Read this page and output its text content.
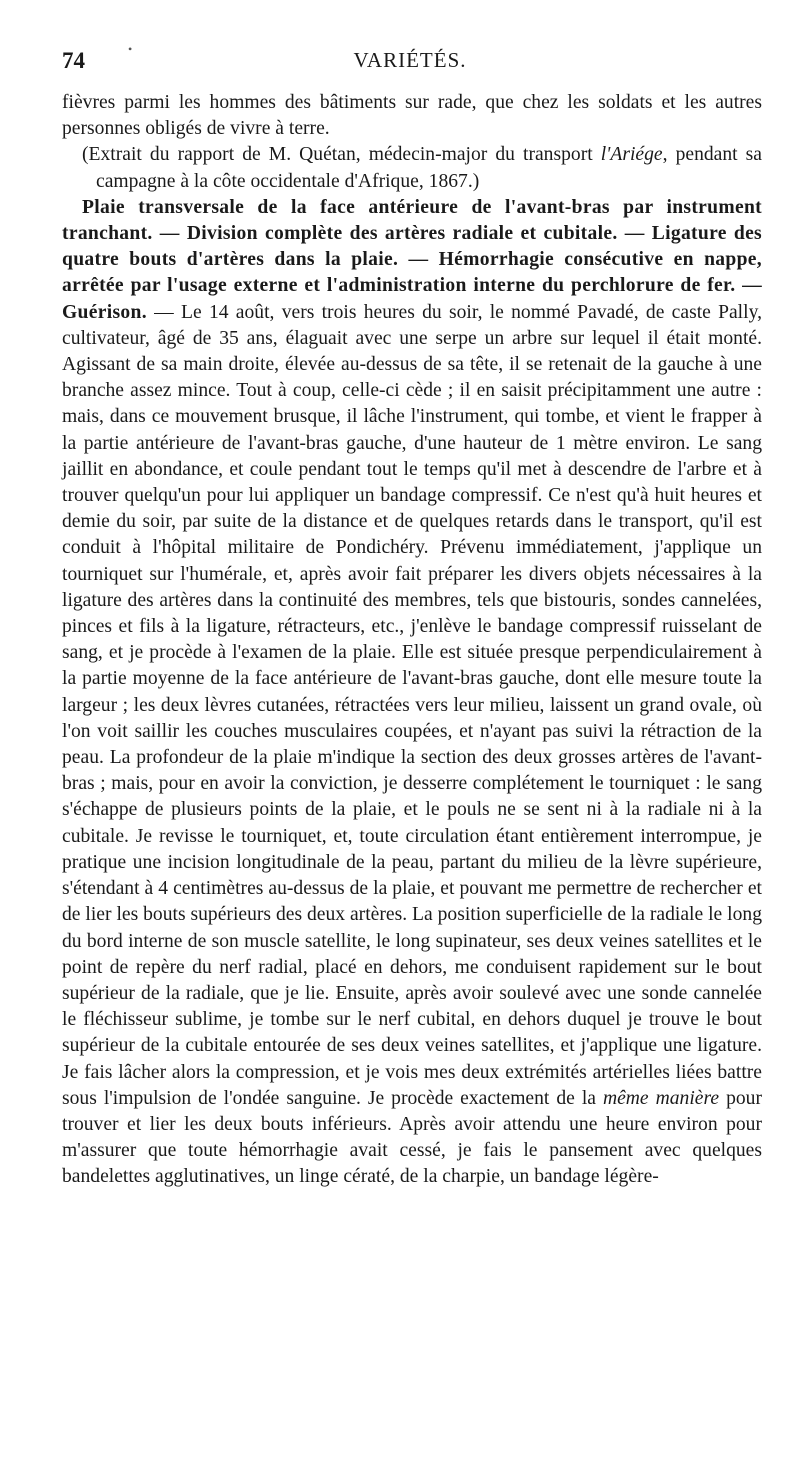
74	•	VARIÉTÉS.

fièvres parmi les hommes des bâtiments sur rade, que chez les soldats et les autres personnes obligés de vivre à terre.

(Extrait du rapport de M. Quétan, médecin-major du transport l'Ariége, pendant sa campagne à la côte occidentale d'Afrique, 1867.)

Plaie transversale de la face antérieure de l'avant-bras par instrument tranchant. — Division complète des artères radiale et cubitale. — Ligature des quatre bouts d'artères dans la plaie. — Hémorrhagie consécutive en nappe, arrêtée par l'usage externe et l'administration interne du perchlorure de fer. — Guérison. — Le 14 août, vers trois heures du soir, le nommé Pavadé, de caste Pally, cultivateur, âgé de 35 ans, élaguait avec une serpe un arbre sur lequel il était monté. Agissant de sa main droite, élevée au-dessus de sa tête, il se retenait de la gauche à une branche assez mince. Tout à coup, celle-ci cède ; il en saisit précipitamment une autre : mais, dans ce mouvement brusque, il lâche l'instrument, qui tombe, et vient le frapper à la partie antérieure de l'avant-bras gauche, d'une hauteur de 1 mètre environ. Le sang jaillit en abondance, et coule pendant tout le temps qu'il met à descendre de l'arbre et à trouver quelqu'un pour lui appliquer un bandage compressif. Ce n'est qu'à huit heures et demie du soir, par suite de la distance et de quelques retards dans le transport, qu'il est conduit à l'hôpital militaire de Pondichéry. Prévenu immédiatement, j'applique un tourniquet sur l'humérale, et, après avoir fait préparer les divers objets nécessaires à la ligature des artères dans la continuité des membres, tels que bistouris, sondes cannelées, pinces et fils à la ligature, rétracteurs, etc., j'enlève le bandage compressif ruisselant de sang, et je procède à l'examen de la plaie. Elle est située presque perpendiculairement à la partie moyenne de la face antérieure de l'avant-bras gauche, dont elle mesure toute la largeur ; les deux lèvres cutanées, rétractées vers leur milieu, laissent un grand ovale, où l'on voit saillir les couches musculaires coupées, et n'ayant pas suivi la rétraction de la peau. La profondeur de la plaie m'indique la section des deux grosses artères de l'avant-bras ; mais, pour en avoir la conviction, je desserre complétement le tourniquet : le sang s'échappe de plusieurs points de la plaie, et le pouls ne se sent ni à la radiale ni à la cubitale. Je revisse le tourniquet, et, toute circulation étant entièrement interrompue, je pratique une incision longitudinale de la peau, partant du milieu de la lèvre supérieure, s'étendant à 4 centimètres au-dessus de la plaie, et pouvant me permettre de rechercher et de lier les bouts supérieurs des deux artères. La position superficielle de la radiale le long du bord interne de son muscle satellite, le long supinateur, ses deux veines satellites et le point de repère du nerf radial, placé en dehors, me conduisent rapidement sur le bout supérieur de la radiale, que je lie. Ensuite, après avoir soulevé avec une sonde cannelée le fléchisseur sublime, je tombe sur le nerf cubital, en dehors duquel je trouve le bout supérieur de la cubitale entourée de ses deux veines satellites, et j'applique une ligature. Je fais lâcher alors la compression, et je vois mes deux extrémités artérielles liées battre sous l'impulsion de l'ondée sanguine. Je procède exactement de la même manière pour trouver et lier les deux bouts inférieurs. Après avoir attendu une heure environ pour m'assurer que toute hémorrhagie avait cessé, je fais le pansement avec quelques bandelettes agglutinatives, un linge cératé, de la charpie, un bandage légère-
